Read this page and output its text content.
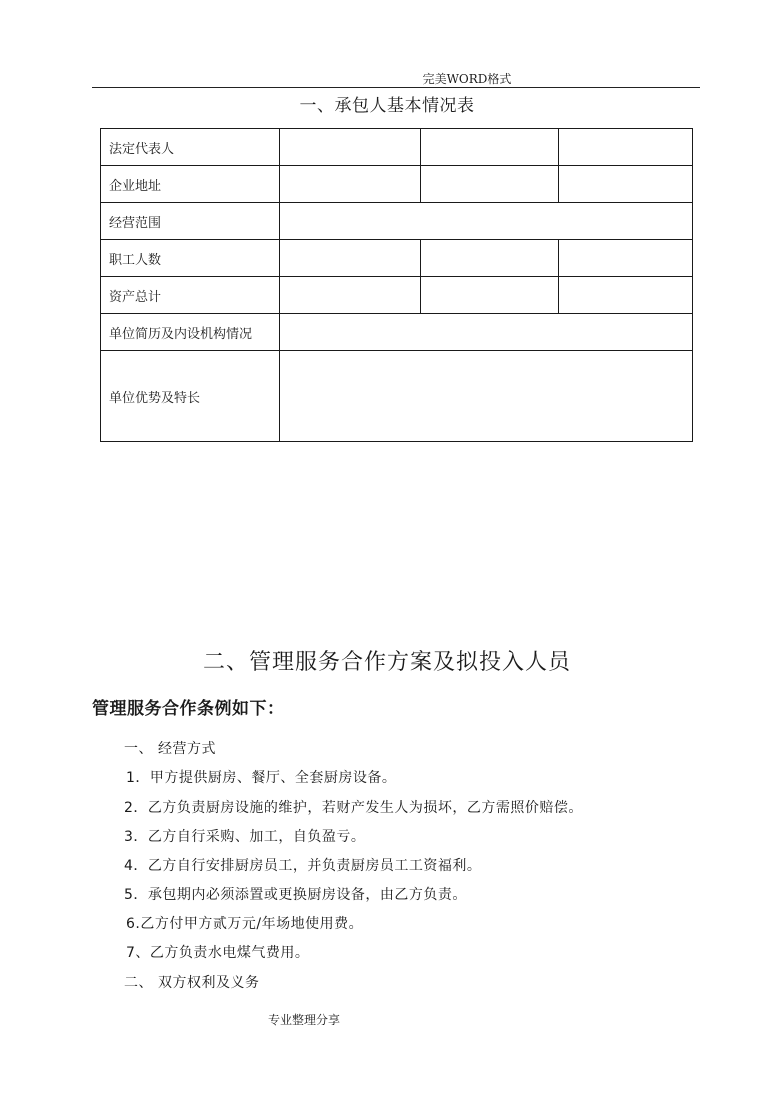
完美WORD格式
一、承包人基本情况表
法定代表人			
企业地址			
经营范围			
职工人数			
资产总计			
单位简历及内设机构情况			
单位优势及特长			
二、管理服务合作方案及拟投入人员
管理服务合作条例如下：
一、 经营方式
1．甲方提供厨房、餐厅、全套厨房设备。
2．乙方负责厨房设施的维护，若财产发生人为损坏，乙方需照价赔偿。
3．乙方自行采购、加工，自负盈亏。
4．乙方自行安排厨房员工，并负责厨房员工工资福利。
5．承包期内必须添置或更换厨房设备，由乙方负责。
6.乙方付甲方贰万元/年场地使用费。
7、乙方负责水电煤气费用。
二、 双方权利及义务
专业整理分享
